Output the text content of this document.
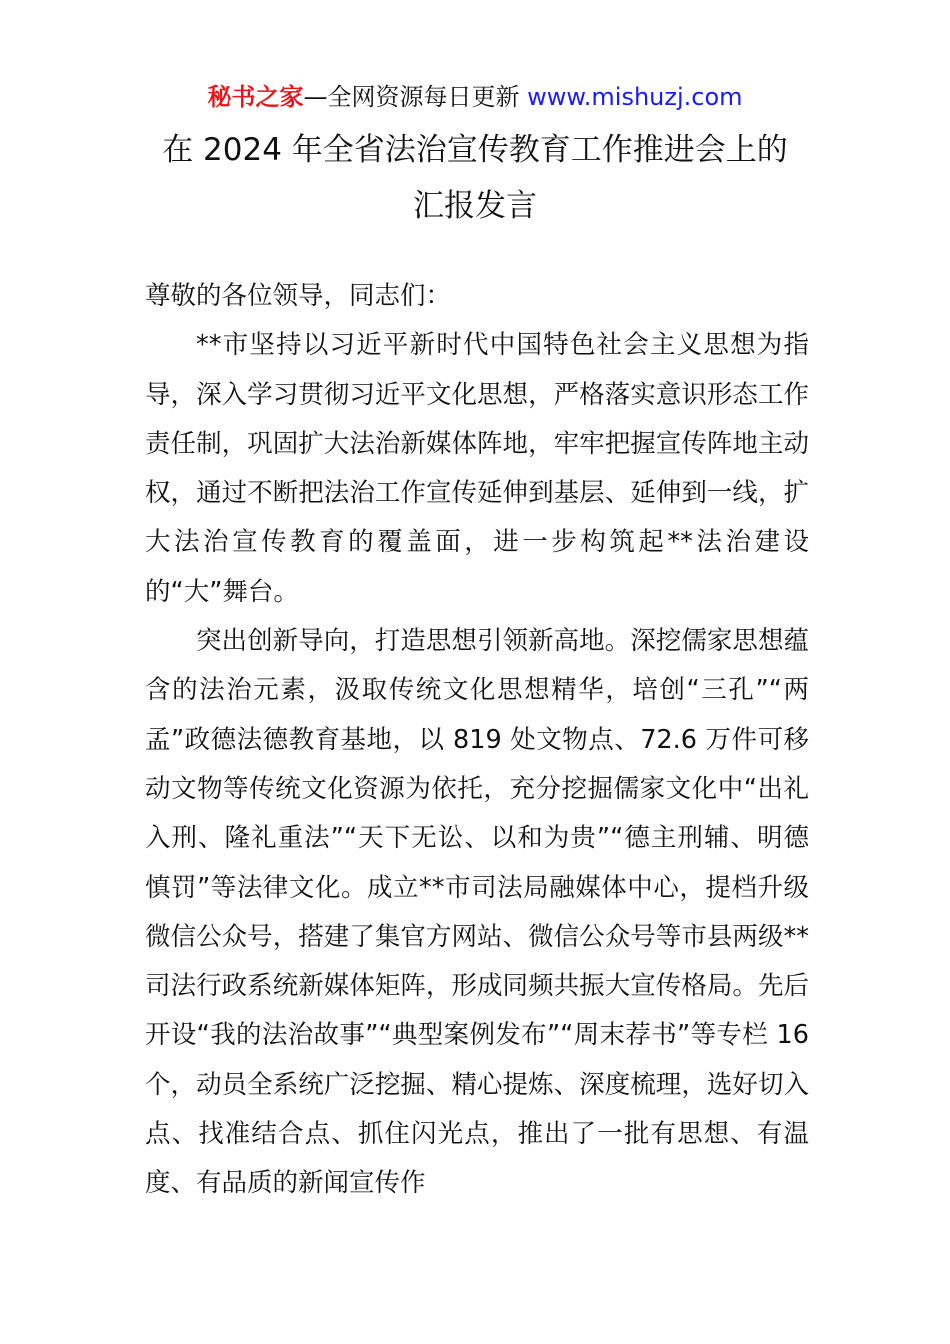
秘书之家—全网资源每日更新 www.mishuzj.com
在 2024 年全省法治宣传教育工作推进会上的
汇报发言

尊敬的各位领导，同志们：

**市坚持以习近平新时代中国特色社会主义思想为指导，深入学习贯彻习近平文化思想，严格落实意识形态工作责任制，巩固扩大法治新媒体阵地，牢牢把握宣传阵地主动权，通过不断把法治工作宣传延伸到基层、延伸到一线，扩大法治宣传教育的覆盖面，进一步构筑起**法治建设的“大”舞台。

突出创新导向，打造思想引领新高地。深挖儒家思想蕴含的法治元素，汲取传统文化思想精华，培创“三孔”“两孟”政德法德教育基地，以 819 处文物点、72.6 万件可移动文物等传统文化资源为依托，充分挖掘儒家文化中“出礼入刑、隆礼重法”“天下无讼、以和为贵”“德主刑辅、明德慎罚”等法律文化。成立**市司法局融媒体中心，提档升级微信公众号，搭建了集官方网站、微信公众号等市县两级**司法行政系统新媒体矩阵，形成同频共振大宣传格局。先后开设“我的法治故事”“典型案例发布”“周末荐书”等专栏 16 个，动员全系统广泛挖掘、精心提炼、深度梳理，选好切入点、找准结合点、抓住闪光点，推出了一批有思想、有温度、有品质的新闻宣传作
